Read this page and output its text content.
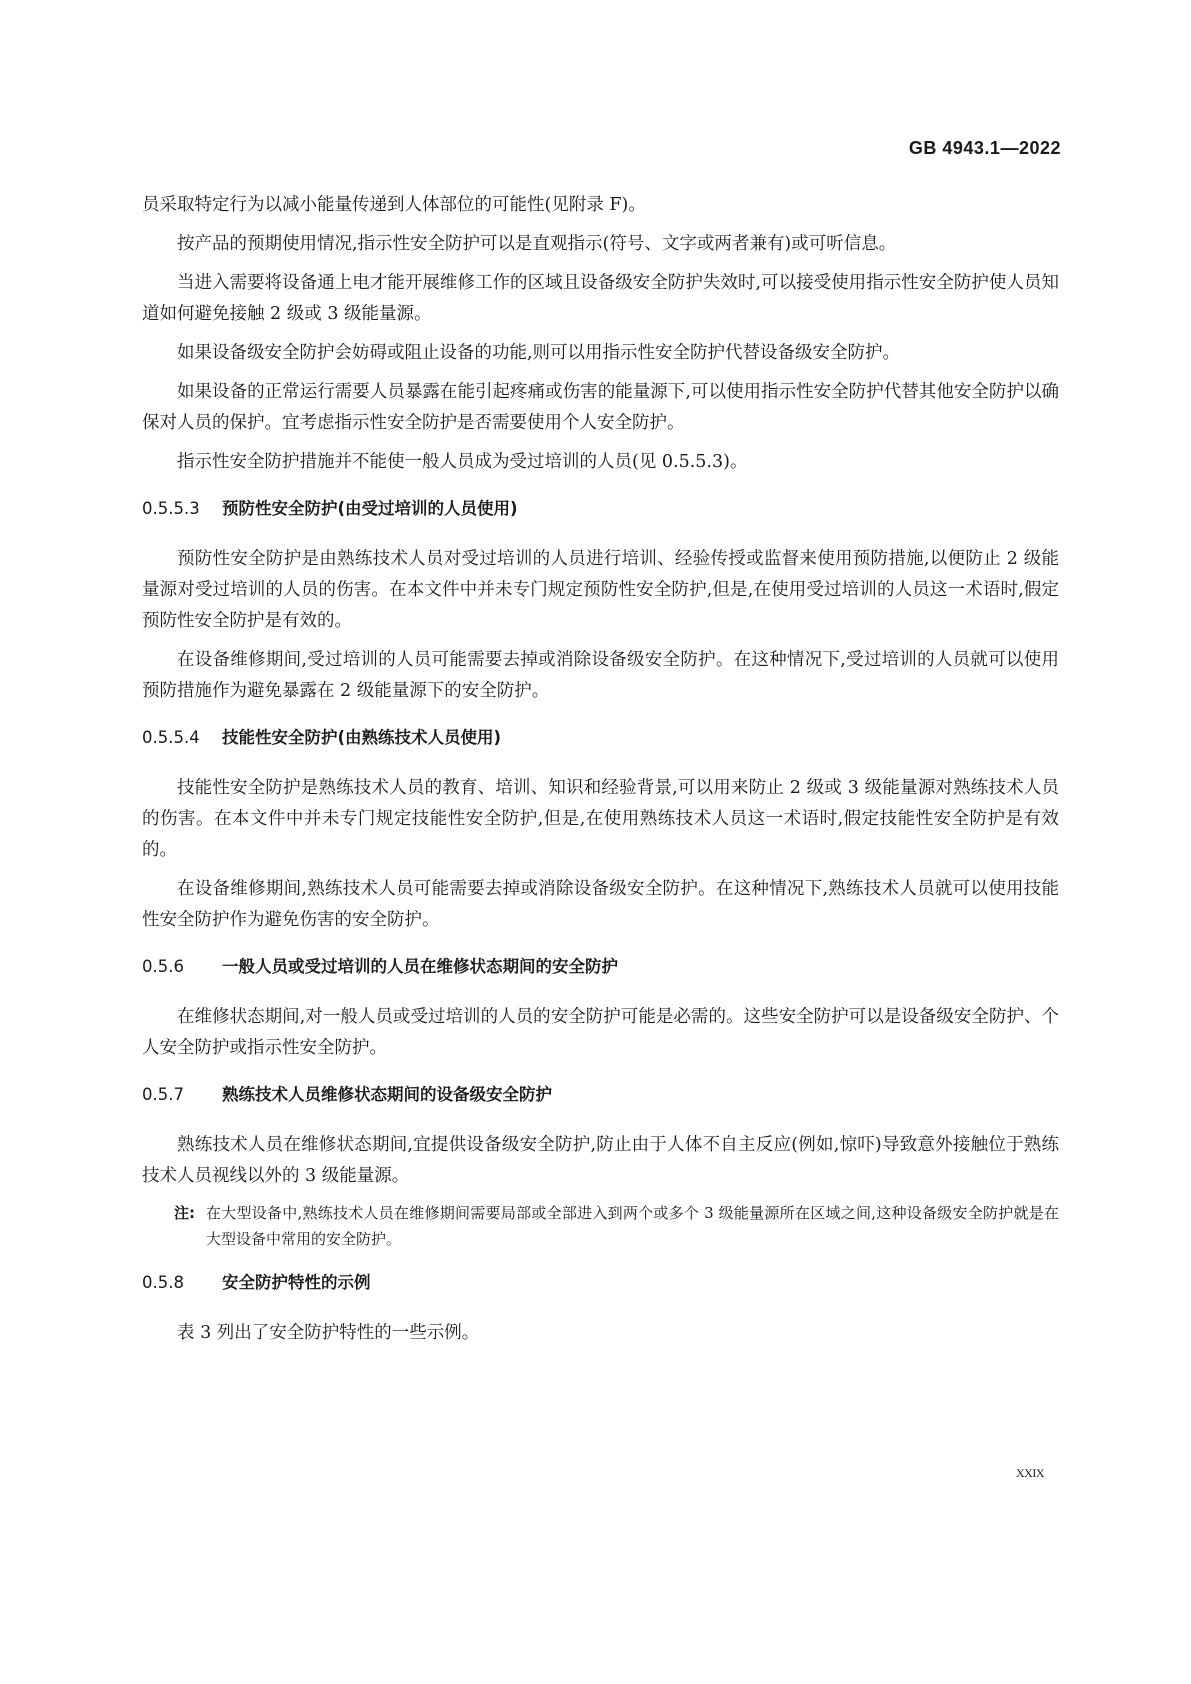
GB 4943.1—2022

员采取特定行为以减小能量传递到人体部位的可能性(见附录 F)。

按产品的预期使用情况,指示性安全防护可以是直观指示(符号、文字或两者兼有)或可听信息。

当进入需要将设备通上电才能开展维修工作的区域且设备级安全防护失效时,可以接受使用指示性安全防护使人员知道如何避免接触 2 级或 3 级能量源。

如果设备级安全防护会妨碍或阻止设备的功能,则可以用指示性安全防护代替设备级安全防护。

如果设备的正常运行需要人员暴露在能引起疼痛或伤害的能量源下,可以使用指示性安全防护代替其他安全防护以确保对人员的保护。宜考虑指示性安全防护是否需要使用个人安全防护。

指示性安全防护措施并不能使一般人员成为受过培训的人员(见 0.5.5.3)。

0.5.5.3 预防性安全防护(由受过培训的人员使用)

预防性安全防护是由熟练技术人员对受过培训的人员进行培训、经验传授或监督来使用预防措施,以便防止 2 级能量源对受过培训的人员的伤害。在本文件中并未专门规定预防性安全防护,但是,在使用受过培训的人员这一术语时,假定预防性安全防护是有效的。

在设备维修期间,受过培训的人员可能需要去掉或消除设备级安全防护。在这种情况下,受过培训的人员就可以使用预防措施作为避免暴露在 2 级能量源下的安全防护。

0.5.5.4 技能性安全防护(由熟练技术人员使用)

技能性安全防护是熟练技术人员的教育、培训、知识和经验背景,可以用来防止 2 级或 3 级能量源对熟练技术人员的伤害。在本文件中并未专门规定技能性安全防护,但是,在使用熟练技术人员这一术语时,假定技能性安全防护是有效的。

在设备维修期间,熟练技术人员可能需要去掉或消除设备级安全防护。在这种情况下,熟练技术人员就可以使用技能性安全防护作为避免伤害的安全防护。

0.5.6 一般人员或受过培训的人员在维修状态期间的安全防护

在维修状态期间,对一般人员或受过培训的人员的安全防护可能是必需的。这些安全防护可以是设备级安全防护、个人安全防护或指示性安全防护。

0.5.7 熟练技术人员维修状态期间的设备级安全防护

熟练技术人员在维修状态期间,宜提供设备级安全防护,防止由于人体不自主反应(例如,惊吓)导致意外接触位于熟练技术人员视线以外的 3 级能量源。

注: 在大型设备中,熟练技术人员在维修期间需要局部或全部进入到两个或多个 3 级能量源所在区域之间,这种设备级安全防护就是在大型设备中常用的安全防护。
0.5.8 安全防护特性的示例

表 3 列出了安全防护特性的一些示例。

XXIX
